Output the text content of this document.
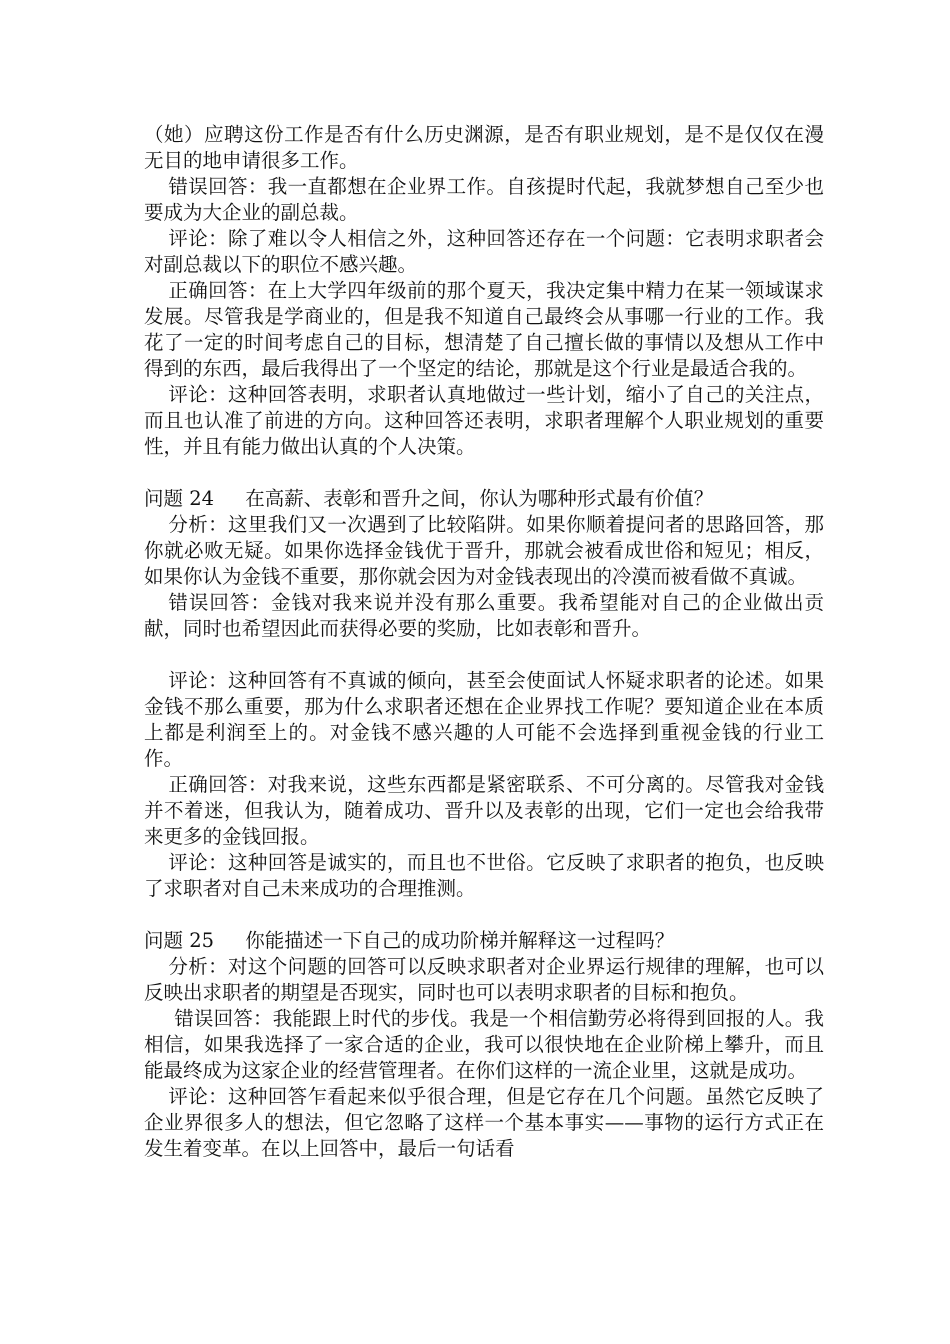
（她）应聘这份工作是否有什么历史渊源，是否有职业规划，是不是仅仅在漫无目的地申请很多工作。

错误回答：我一直都想在企业界工作。自孩提时代起，我就梦想自己至少也要成为大企业的副总裁。

评论：除了难以令人相信之外，这种回答还存在一个问题：它表明求职者会对副总裁以下的职位不感兴趣。

正确回答：在上大学四年级前的那个夏天，我决定集中精力在某一领域谋求发展。尽管我是学商业的，但是我不知道自己最终会从事哪一行业的工作。我花了一定的时间考虑自己的目标，想清楚了自己擅长做的事情以及想从工作中得到的东西，最后我得出了一个坚定的结论，那就是这个行业是最适合我的。

评论：这种回答表明，求职者认真地做过一些计划，缩小了自己的关注点，而且也认准了前进的方向。这种回答还表明，求职者理解个人职业规划的重要性，并且有能力做出认真的个人决策。

问题 24 在高薪、表彰和晋升之间，你认为哪种形式最有价值？

分析：这里我们又一次遇到了比较陷阱。如果你顺着提问者的思路回答，那你就必败无疑。如果你选择金钱优于晋升，那就会被看成世俗和短见；相反，如果你认为金钱不重要，那你就会因为对金钱表现出的冷漠而被看做不真诚。

错误回答：金钱对我来说并没有那么重要。我希望能对自己的企业做出贡献，同时也希望因此而获得必要的奖励，比如表彰和晋升。

评论：这种回答有不真诚的倾向，甚至会使面试人怀疑求职者的论述。如果金钱不那么重要，那为什么求职者还想在企业界找工作呢？要知道企业在本质上都是利润至上的。对金钱不感兴趣的人可能不会选择到重视金钱的行业工作。

正确回答：对我来说，这些东西都是紧密联系、不可分离的。尽管我对金钱并不着迷，但我认为，随着成功、晋升以及表彰的出现，它们一定也会给我带来更多的金钱回报。

评论：这种回答是诚实的，而且也不世俗。它反映了求职者的抱负，也反映了求职者对自己未来成功的合理推测。

问题 25 你能描述一下自己的成功阶梯并解释这一过程吗？

分析：对这个问题的回答可以反映求职者对企业界运行规律的理解，也可以反映出求职者的期望是否现实，同时也可以表明求职者的目标和抱负。

错误回答：我能跟上时代的步伐。我是一个相信勤劳必将得到回报的人。我相信，如果我选择了一家合适的企业，我可以很快地在企业阶梯上攀升，而且能最终成为这家企业的经营管理者。在你们这样的一流企业里，这就是成功。

评论：这种回答乍看起来似乎很合理，但是它存在几个问题。虽然它反映了企业界很多人的想法，但它忽略了这样一个基本事实——事物的运行方式正在发生着变革。在以上回答中，最后一句话看
